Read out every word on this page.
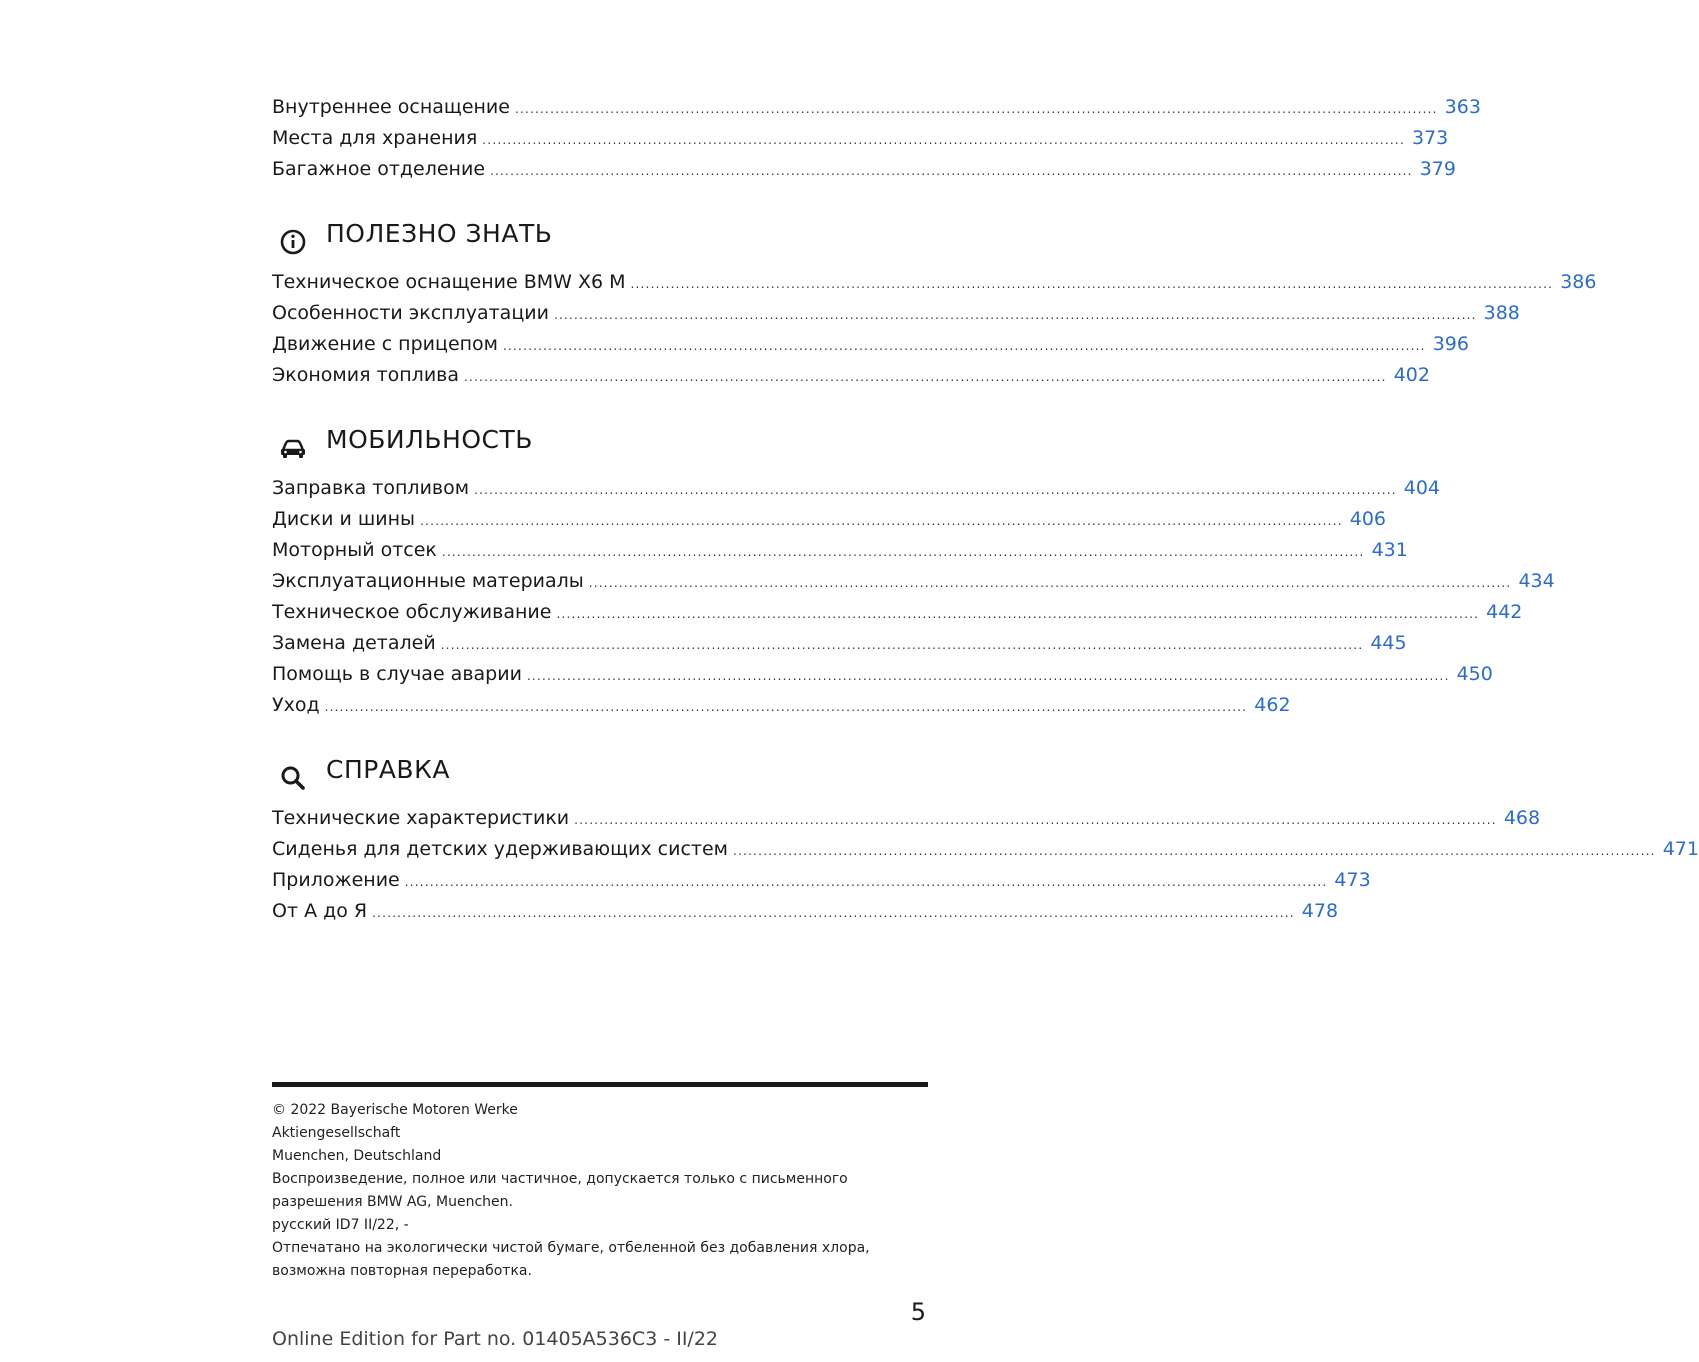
Внутреннее оснащение ........................................................................................................................................................................................ 363
Места для хранения ........................................................................................................................................................................................ 373
Багажное отделение ........................................................................................................................................................................................ 379
ПОЛЕЗНО ЗНАТЬ
Техническое оснащение BMW X6 M ........................................................................................................................................................................................ 386
Особенности эксплуатации ........................................................................................................................................................................................ 388
Движение с прицепом ........................................................................................................................................................................................ 396
Экономия топлива ........................................................................................................................................................................................ 402
МОБИЛЬНОСТЬ
Заправка топливом ........................................................................................................................................................................................ 404
Диски и шины ........................................................................................................................................................................................ 406
Моторный отсек ........................................................................................................................................................................................ 431
Эксплуатационные материалы ........................................................................................................................................................................................ 434
Техническое обслуживание ........................................................................................................................................................................................ 442
Замена деталей ........................................................................................................................................................................................ 445
Помощь в случае аварии ........................................................................................................................................................................................ 450
Уход ........................................................................................................................................................................................ 462
СПРАВКА
Технические характеристики ........................................................................................................................................................................................ 468
Сиденья для детских удерживающих систем ........................................................................................................................................................................................ 471
Приложение ........................................................................................................................................................................................ 473
От А до Я ........................................................................................................................................................................................ 478
© 2022 Bayerische Motoren Werke
Aktiengesellschaft
Muenchen, Deutschland
Воспроизведение, полное или частичное, допускается только с письменного
разрешения BMW AG, Muenchen.
русский ID7 II/22, -
Отпечатано на экологически чистой бумаге, отбеленной без добавления хлора,
возможна повторная переработка.
5
Online Edition for Part no. 01405A536C3 - II/22
